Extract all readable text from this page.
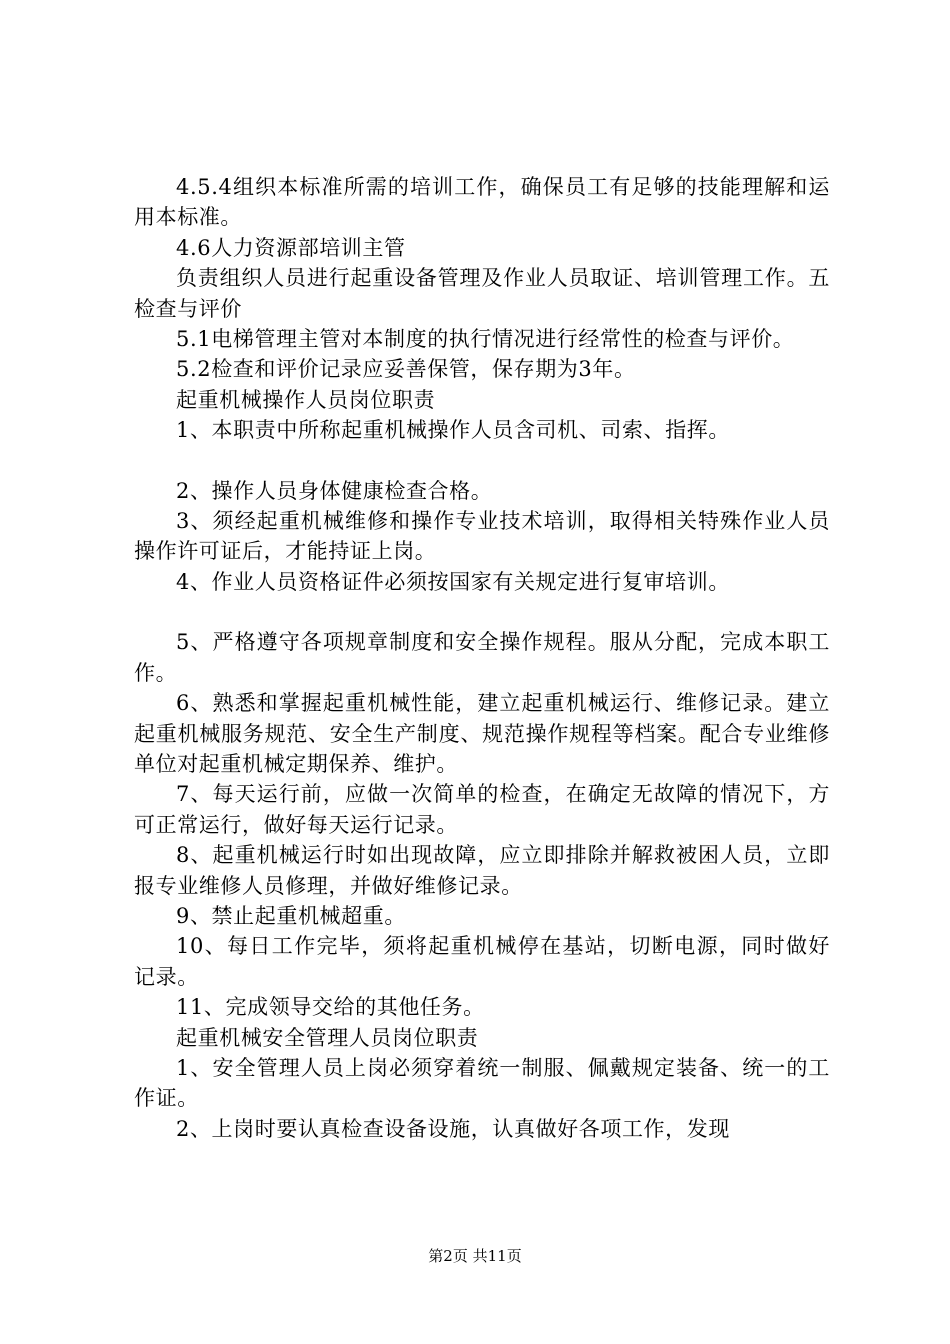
4.5.4组织本标准所需的培训工作，确保员工有足够的技能理解和运用本标准。

4.6人力资源部培训主管

负责组织人员进行起重设备管理及作业人员取证、培训管理工作。五检查与评价

5.1电梯管理主管对本制度的执行情况进行经常性的检查与评价。

5.2检查和评价记录应妥善保管，保存期为3年。

起重机械操作人员岗位职责

1、本职责中所称起重机械操作人员含司机、司索、指挥。

2、操作人员身体健康检查合格。

3、须经起重机械维修和操作专业技术培训，取得相关特殊作业人员操作许可证后，才能持证上岗。

4、作业人员资格证件必须按国家有关规定进行复审培训。

5、严格遵守各项规章制度和安全操作规程。服从分配，完成本职工作。

6、熟悉和掌握起重机械性能，建立起重机械运行、维修记录。建立起重机械服务规范、安全生产制度、规范操作规程等档案。配合专业维修单位对起重机械定期保养、维护。

7、每天运行前，应做一次简单的检查，在确定无故障的情况下，方可正常运行，做好每天运行记录。

8、起重机械运行时如出现故障，应立即排除并解救被困人员，立即报专业维修人员修理，并做好维修记录。

9、禁止起重机械超重。

10、每日工作完毕，须将起重机械停在基站，切断电源，同时做好记录。

11、完成领导交给的其他任务。

起重机械安全管理人员岗位职责

1、安全管理人员上岗必须穿着统一制服、佩戴规定装备、统一的工作证。

2、上岗时要认真检查设备设施，认真做好各项工作，发现

第2页 共11页
